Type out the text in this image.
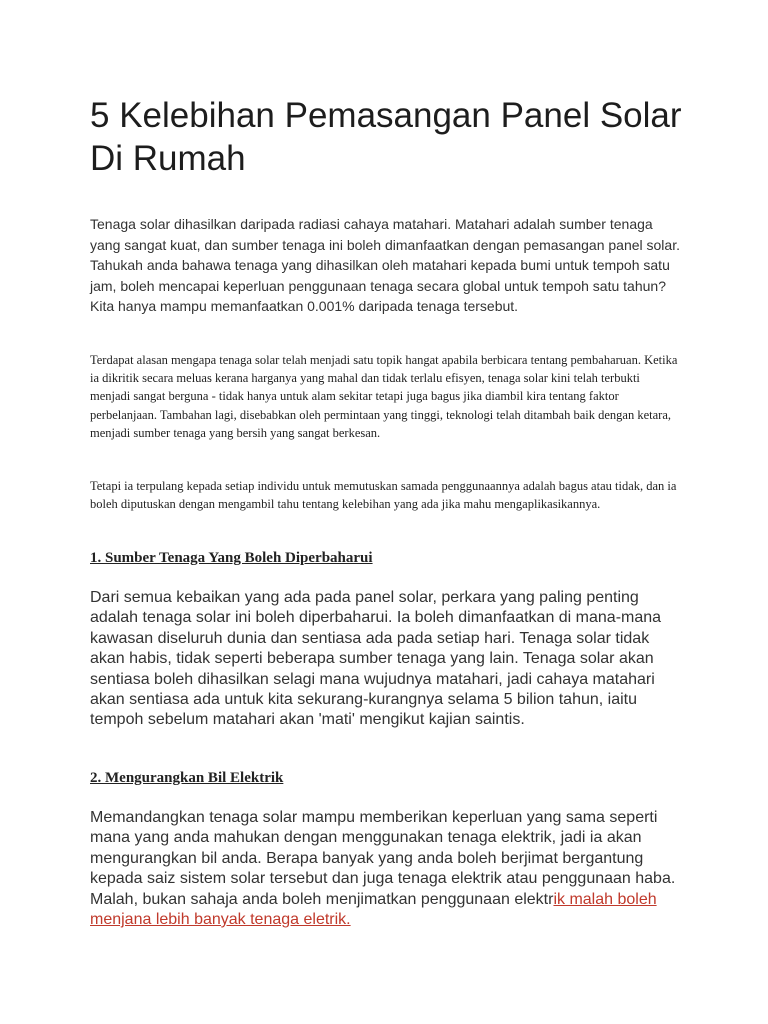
5 Kelebihan Pemasangan Panel Solar Di Rumah

Tenaga solar dihasilkan daripada radiasi cahaya matahari. Matahari adalah sumber tenaga yang sangat kuat, dan sumber tenaga ini boleh dimanfaatkan dengan pemasangan panel solar. Tahukah anda bahawa tenaga yang dihasilkan oleh matahari kepada bumi untuk tempoh satu jam, boleh mencapai keperluan penggunaan tenaga secara global untuk tempoh satu tahun? Kita hanya mampu memanfaatkan 0.001% daripada tenaga tersebut.

Terdapat alasan mengapa tenaga solar telah menjadi satu topik hangat apabila berbicara tentang pembaharuan. Ketika ia dikritik secara meluas kerana harganya yang mahal dan tidak terlalu efisyen, tenaga solar kini telah terbukti menjadi sangat berguna - tidak hanya untuk alam sekitar tetapi juga bagus jika diambil kira tentang faktor perbelanjaan. Tambahan lagi, disebabkan oleh permintaan yang tinggi, teknologi telah ditambah baik dengan ketara, menjadi sumber tenaga yang bersih yang sangat berkesan.

Tetapi ia terpulang kepada setiap individu untuk memutuskan samada penggunaannya adalah bagus atau tidak, dan ia boleh diputuskan dengan mengambil tahu tentang kelebihan yang ada jika mahu mengaplikasikannya.

1. Sumber Tenaga Yang Boleh Diperbaharui

Dari semua kebaikan yang ada pada panel solar, perkara yang paling penting adalah tenaga solar ini boleh diperbaharui. Ia boleh dimanfaatkan di mana-mana kawasan diseluruh dunia dan sentiasa ada pada setiap hari. Tenaga solar tidak akan habis, tidak seperti beberapa sumber tenaga yang lain. Tenaga solar akan sentiasa boleh dihasilkan selagi mana wujudnya matahari, jadi cahaya matahari akan sentiasa ada untuk kita sekurang-kurangnya selama 5 bilion tahun, iaitu tempoh sebelum matahari akan 'mati' mengikut kajian saintis.

2. Mengurangkan Bil Elektrik

Memandangkan tenaga solar mampu memberikan keperluan yang sama seperti mana yang anda mahukan dengan menggunakan tenaga elektrik, jadi ia akan mengurangkan bil anda. Berapa banyak yang anda boleh berjimat bergantung kepada saiz sistem solar tersebut dan juga tenaga elektrik atau penggunaan haba. Malah, bukan sahaja anda boleh menjimatkan penggunaan elektrik malah boleh menjana lebih banyak tenaga eletrik.
